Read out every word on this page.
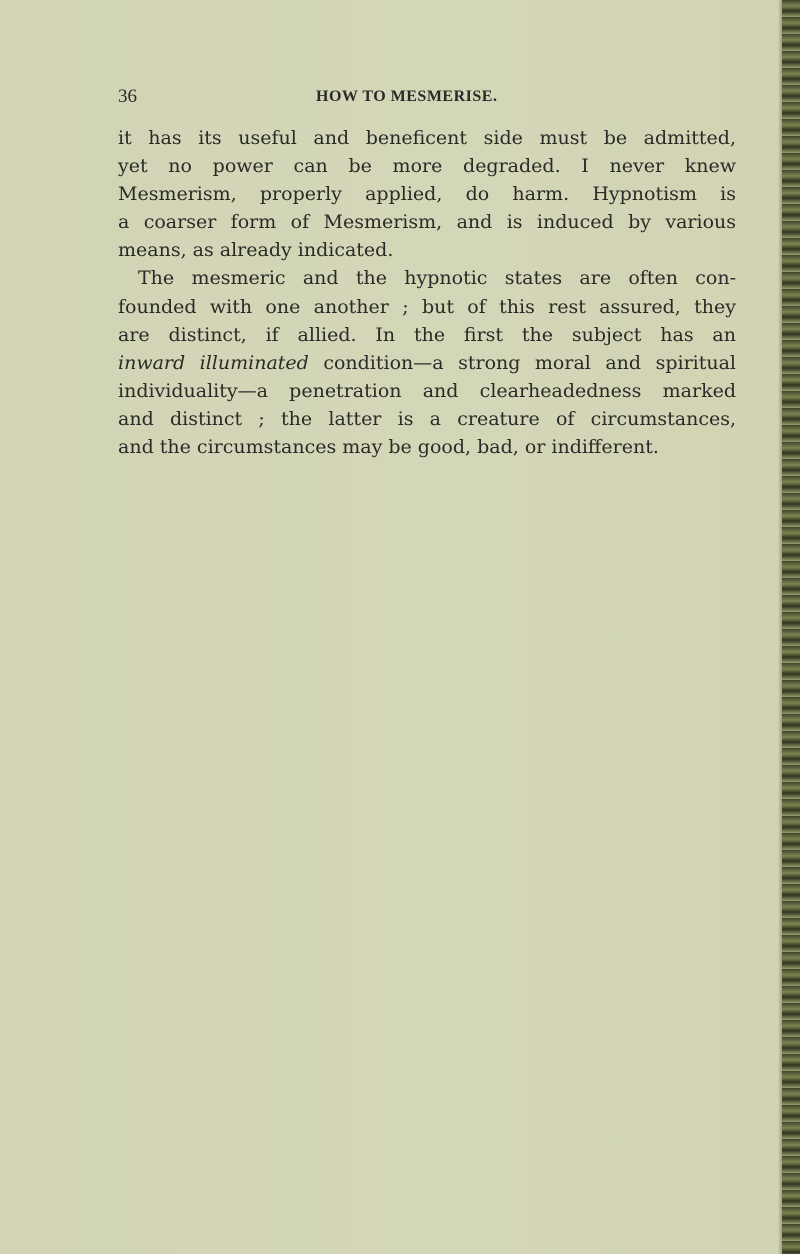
36	HOW TO MESMERISE.
it has its useful and beneficent side must be admitted,
yet no power can be more degraded. I never knew
Mesmerism, properly applied, do harm. Hypnotism is
a coarser form of Mesmerism, and is induced by various
means, as already indicated.
The mesmeric and the hypnotic states are often con-
founded with one another ; but of this rest assured, they
are distinct, if allied. In the first the subject has an
inward illuminated condition—a strong moral and spiritual
individuality—a penetration and clearheadedness marked
and distinct ; the latter is a creature of circumstances,
and the circumstances may be good, bad, or indifferent.
